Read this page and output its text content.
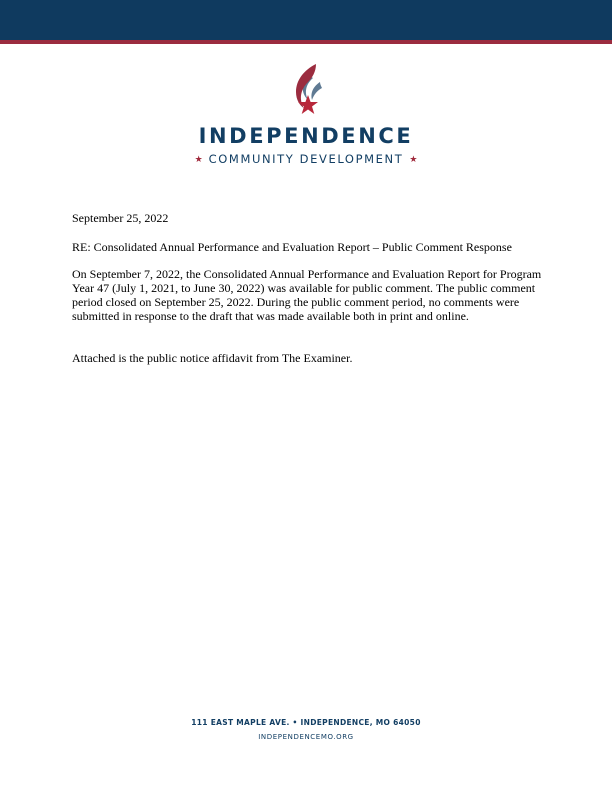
INDEPENDENCE
★ COMMUNITY DEVELOPMENT ★

September 25, 2022

RE: Consolidated Annual Performance and Evaluation Report – Public Comment Response

On September 7, 2022, the Consolidated Annual Performance and Evaluation Report for Program Year 47 (July 1, 2021, to June 30, 2022) was available for public comment. The public comment period closed on September 25, 2022. During the public comment period, no comments were submitted in response to the draft that was made available both in print and online.

Attached is the public notice affidavit from The Examiner.

111 EAST MAPLE AVE. • INDEPENDENCE, MO 64050
INDEPENDENCEMO.ORG
